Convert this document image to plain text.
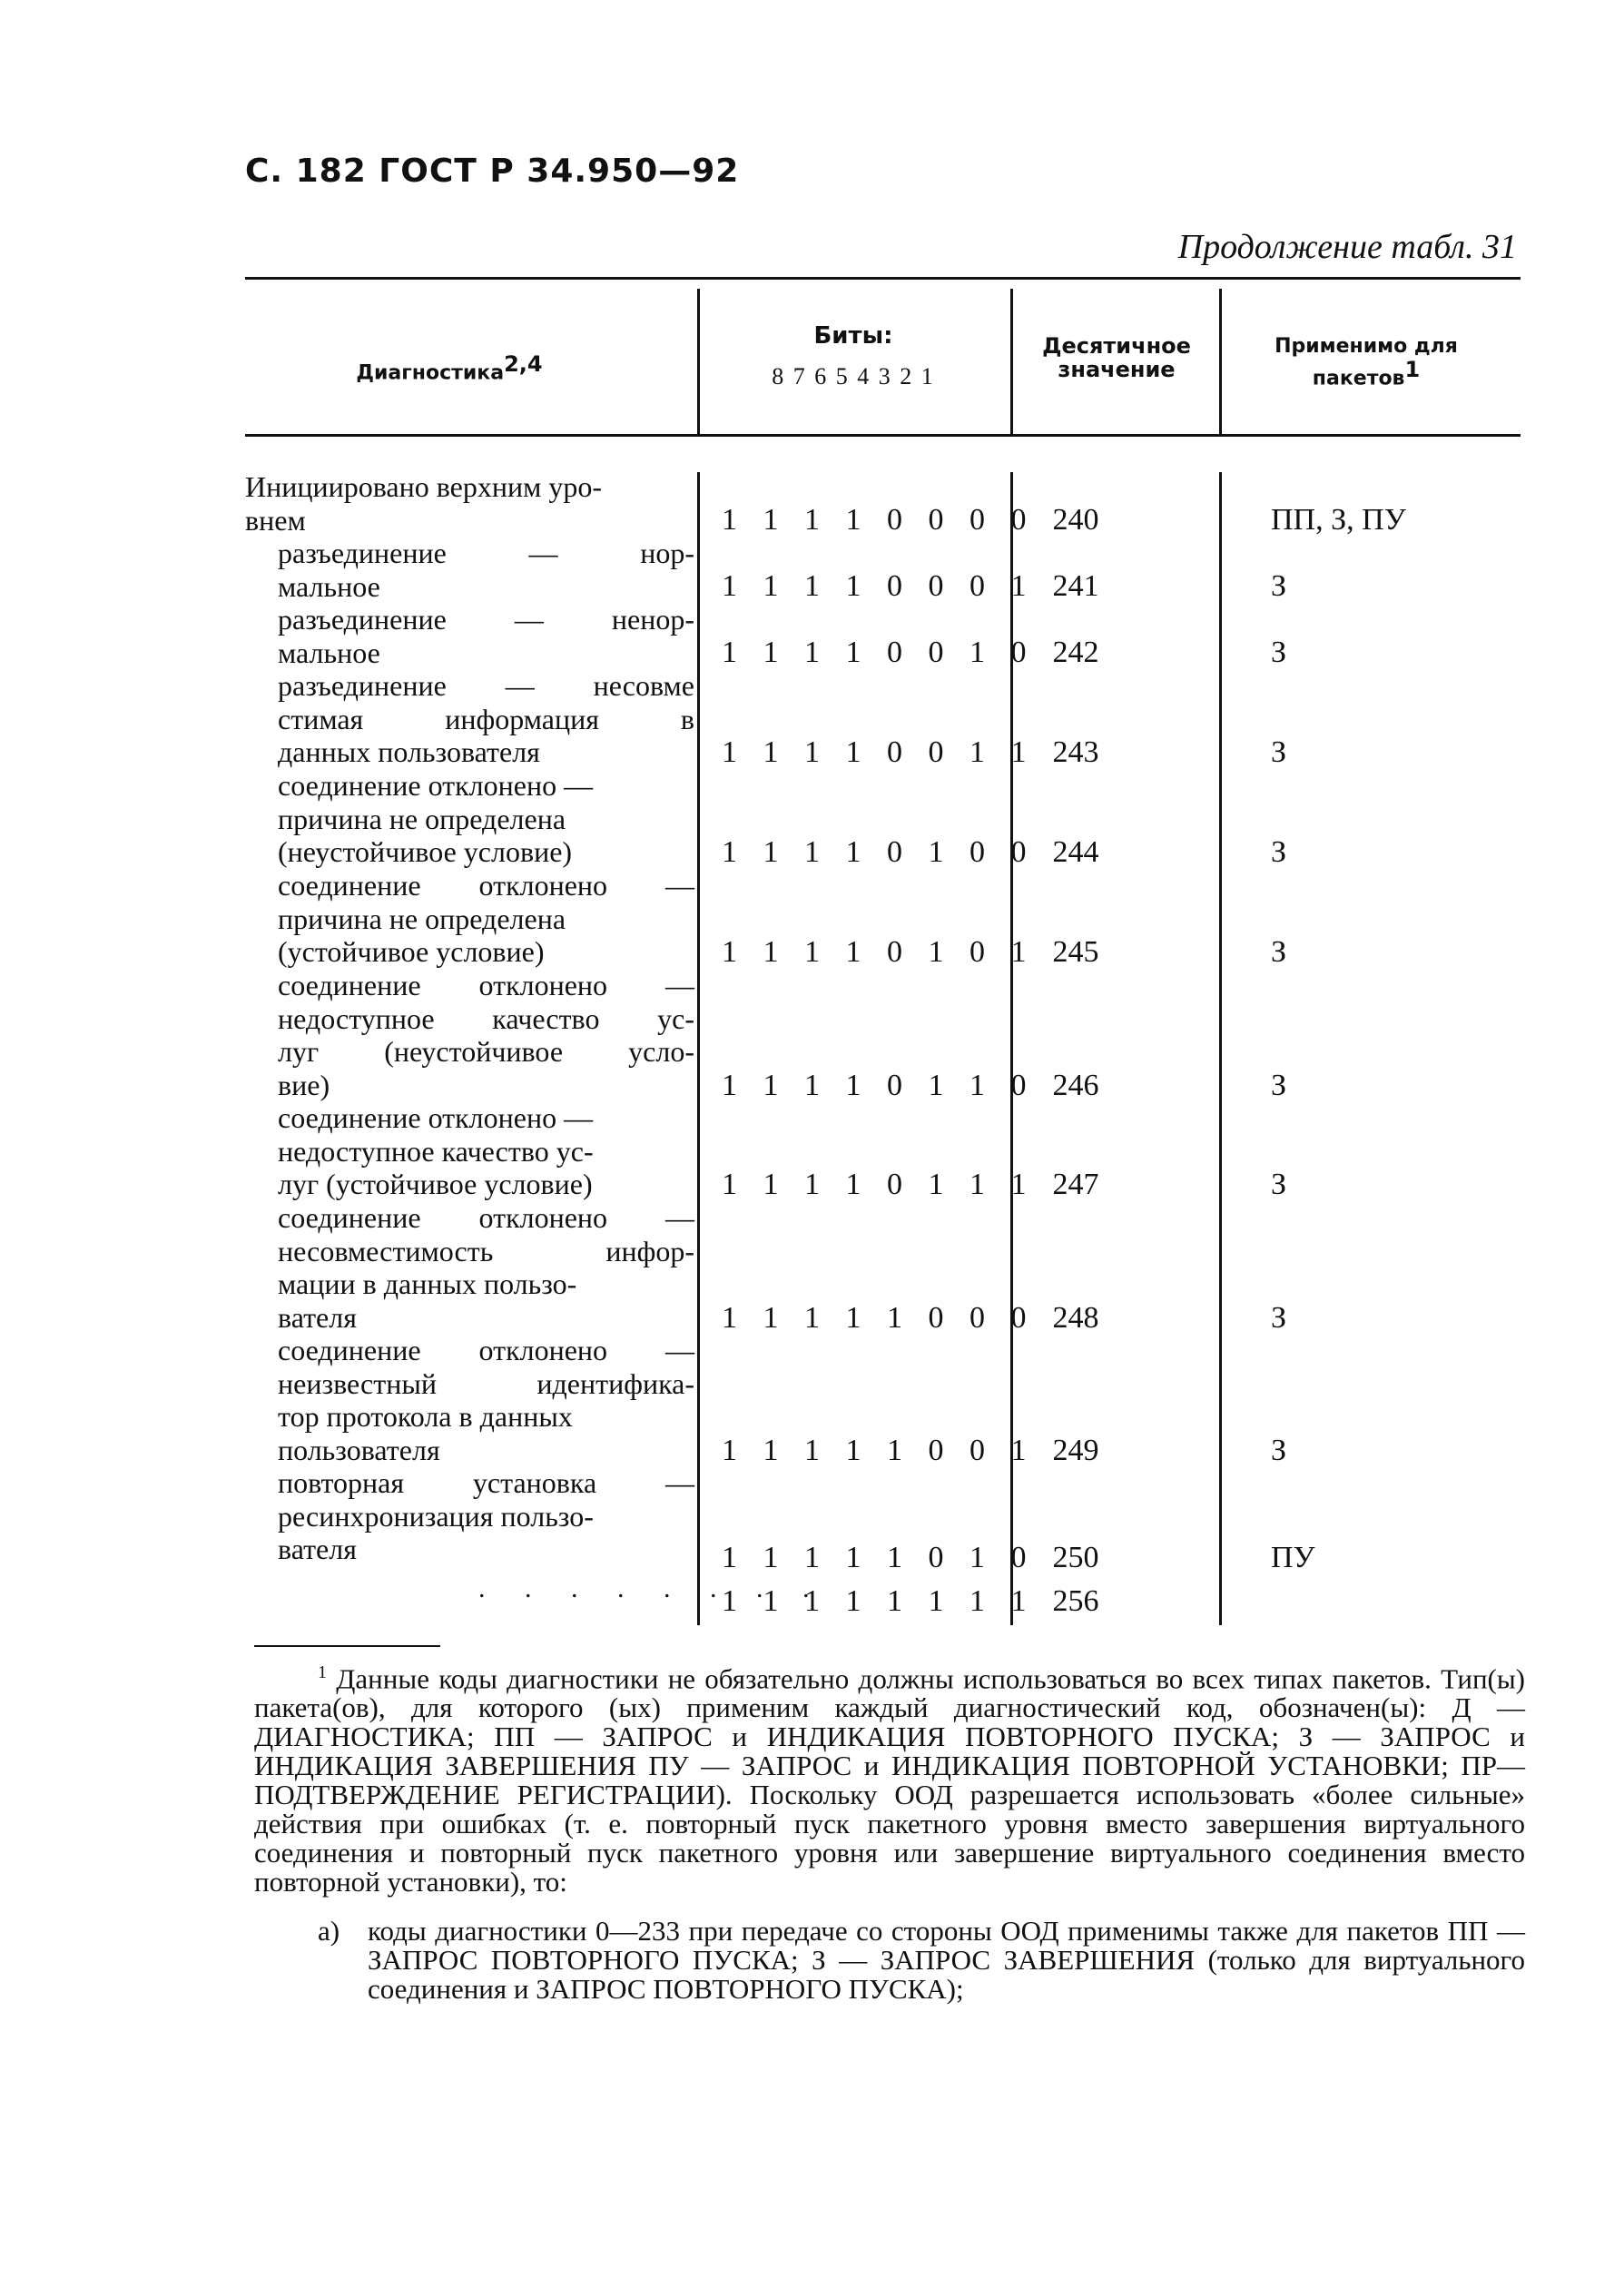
С. 182 ГОСТ Р 34.950—92
Продолжение табл. 31
Диагностика$^{2,4}$
Биты:
8 7 6 5 4 3 2 1
Десятичное значение
Применимо для пакетов$^1$
Инициировано верхним уро-
внем	1 1 1 1 0 0 0 0 240	ПП, З, ПУ
разъединение — нор-
мальное	1 1 1 1 0 0 0 1 241	З
разъединение — ненор-
мальное	1 1 1 1 0 0 1 0 242	З
разъединение — несовме
стимая информация в
данных пользователя	1 1 1 1 0 0 1 1 243	З
соединение отклонено —
причина не определена
(неустойчивое условие)	1 1 1 1 0 1 0 0 244	З
соединение отклонено —
причина не определена
(устойчивое условие)	1 1 1 1 0 1 0 1 245	З
соединение отклонено —
недоступное качество ус-
луг (неустойчивое усло-
вие)	1 1 1 1 0 1 1 0 246	З
соединение отклонено —
недоступное качество ус-
луг (устойчивое условие)	1 1 1 1 0 1 1 1 247	З
соединение отклонено —
несовместимость инфор-
мации в данных пользо-
вателя	1 1 1 1 1 0 0 0 248	З
соединение отклонено —
неизвестный идентифика-
тор протокола в данных
пользователя	1 1 1 1 1 0 0 1 249	З
повторная установка —
ресинхронизация пользо-
вателя	1 1 1 1 1 0 1 0 250	ПУ
. . . . . . . .
1 1 1 1 1 1 1 1 256

$^1$ Данные коды диагностики не обязательно должны использоваться во всех типах пакетов. Тип(ы) пакета(ов), для которого (ых) применим каждый диагностический код, обозначен(ы): Д — ДИАГНОСТИКА; ПП — ЗАПРОС и ИНДИКАЦИЯ ПОВТОРНОГО ПУСКА; З — ЗАПРОС и ИНДИКАЦИЯ ЗАВЕРШЕНИЯ ПУ — ЗАПРОС и ИНДИКАЦИЯ ПОВТОРНОЙ УСТАНОВКИ; ПР— ПОДТВЕРЖДЕНИЕ РЕГИСТРАЦИИ). Поскольку ООД разрешается использовать «более сильные» действия при ошибках (т. е. повторный пуск пакетного уровня вместо завершения виртуального соединения и повторный пуск пакетного уровня или завершение виртуального соединения вместо повторной установки), то:

а) коды диагностики 0—233 при передаче со стороны ООД применимы также для пакетов ПП — ЗАПРОС ПОВТОРНОГО ПУСКА; З — ЗАПРОС ЗАВЕРШЕНИЯ (только для виртуального соединения и ЗАПРОС ПОВТОРНОГО ПУСКА);
